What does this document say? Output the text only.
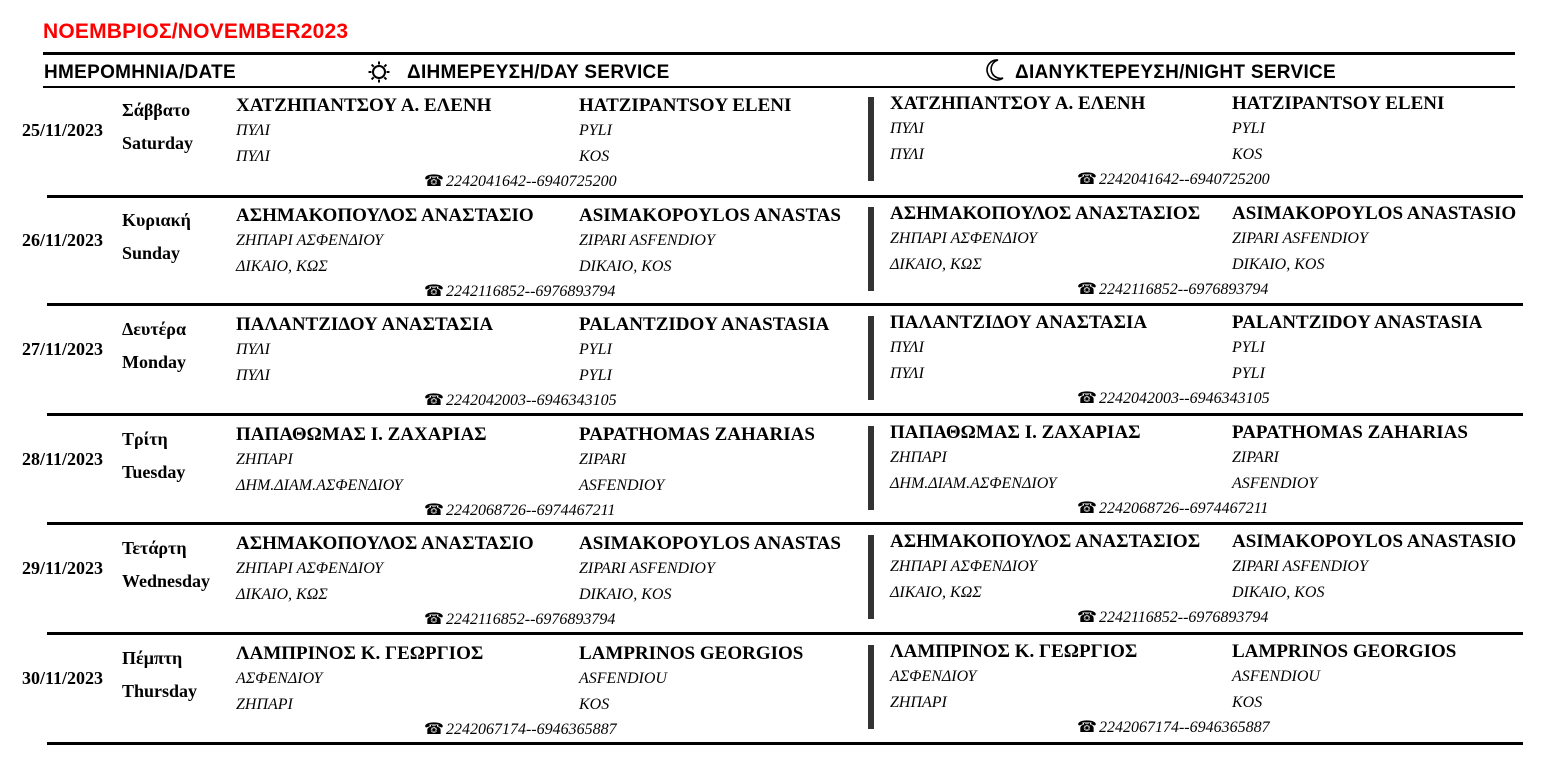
ΝΟΕΜΒΡΙΟΣ/NOVEMBER2023
ΗΜΕΡΟΜΗΝΙΑ/DATE	ΔΙΗΜΕΡΕΥΣΗ/DAY SERVICE	ΔΙΑΝΥΚΤΕΡΕΥΣΗ/NIGHT SERVICE
25/11/2023
Σάββατο
Saturday
ΧΑΤΖΗΠΑΝΤΣΟΥ Α. ΕΛΕΝΗ	HATZIPANTSOY ELENI
ΠΥΛΙ	PYLI
ΠΥΛΙ	KOS
☎ 2242041642--6940725200
ΧΑΤΖΗΠΑΝΤΣΟΥ Α. ΕΛΕΝΗ	HATZIPANTSOY ELENI
ΠΥΛΙ	PYLI
ΠΥΛΙ	KOS
☎ 2242041642--6940725200
26/11/2023
Κυριακή
Sunday
ΑΣΗΜΑΚΟΠΟΥΛΟΣ ΑΝΑΣΤΑΣΙΟ ASIMAKOPOYLOS ANASTAS
ΖΗΠΑΡΙ ΑΣΦΕΝΔΙΟΥ	ZIPARI ASFENDIOY
ΔΙΚΑΙΟ, ΚΩΣ	DIKAIO, KOS
☎ 2242116852--6976893794
ΑΣΗΜΑΚΟΠΟΥΛΟΣ ΑΝΑΣΤΑΣΙΟΣ ASIMAKOPOYLOS ANASTASIO
ΖΗΠΑΡΙ ΑΣΦΕΝΔΙΟΥ	ZIPARI ASFENDIOY
ΔΙΚΑΙΟ, ΚΩΣ	DIKAIO, KOS
☎ 2242116852--6976893794
27/11/2023
Δευτέρα
Monday
ΠΑΛΑΝΤΖΙΔΟΥ ΑΝΑΣΤΑΣΙΑ	PALANTZIDOY ANASTASIA
ΠΥΛΙ	PYLI
ΠΥΛΙ	PYLI
☎ 2242042003--6946343105
ΠΑΛΑΝΤΖΙΔΟΥ ΑΝΑΣΤΑΣΙΑ	PALANTZIDOY ANASTASIA
ΠΥΛΙ	PYLI
ΠΥΛΙ	PYLI
☎ 2242042003--6946343105
28/11/2023
Τρίτη
Tuesday
ΠΑΠΑΘΩΜΑΣ Ι. ΖΑΧΑΡΙΑΣ	PAPATHOMAS ZAHARIAS
ΖΗΠΑΡΙ	ZIPARI
ΔΗΜ.ΔΙΑΜ.ΑΣΦΕΝΔΙΟΥ	ASFENDIOY
☎ 2242068726--6974467211
ΠΑΠΑΘΩΜΑΣ Ι. ΖΑΧΑΡΙΑΣ	PAPATHOMAS ZAHARIAS
ΖΗΠΑΡΙ	ZIPARI
ΔΗΜ.ΔΙΑΜ.ΑΣΦΕΝΔΙΟΥ	ASFENDIOY
☎ 2242068726--6974467211
29/11/2023
Τετάρτη
Wednesday
ΑΣΗΜΑΚΟΠΟΥΛΟΣ ΑΝΑΣΤΑΣΙΟ ASIMAKOPOYLOS ANASTAS
ΖΗΠΑΡΙ ΑΣΦΕΝΔΙΟΥ	ZIPARI ASFENDIOY
ΔΙΚΑΙΟ, ΚΩΣ	DIKAIO, KOS
☎ 2242116852--6976893794
ΑΣΗΜΑΚΟΠΟΥΛΟΣ ΑΝΑΣΤΑΣΙΟΣ ASIMAKOPOYLOS ANASTASIO
ΖΗΠΑΡΙ ΑΣΦΕΝΔΙΟΥ	ZIPARI ASFENDIOY
ΔΙΚΑΙΟ, ΚΩΣ	DIKAIO, KOS
☎ 2242116852--6976893794
30/11/2023
Πέμπτη
Thursday
ΛΑΜΠΡΙΝΟΣ Κ. ΓΕΩΡΓΙΟΣ	LAMPRINOS GEORGIOS
ΑΣΦΕΝΔΙΟΥ	ASFENDIOU
ΖΗΠΑΡΙ	KOS
☎ 2242067174--6946365887
ΛΑΜΠΡΙΝΟΣ Κ. ΓΕΩΡΓΙΟΣ	LAMPRINOS GEORGIOS
ΑΣΦΕΝΔΙΟΥ	ASFENDIOU
ΖΗΠΑΡΙ	KOS
☎ 2242067174--6946365887
